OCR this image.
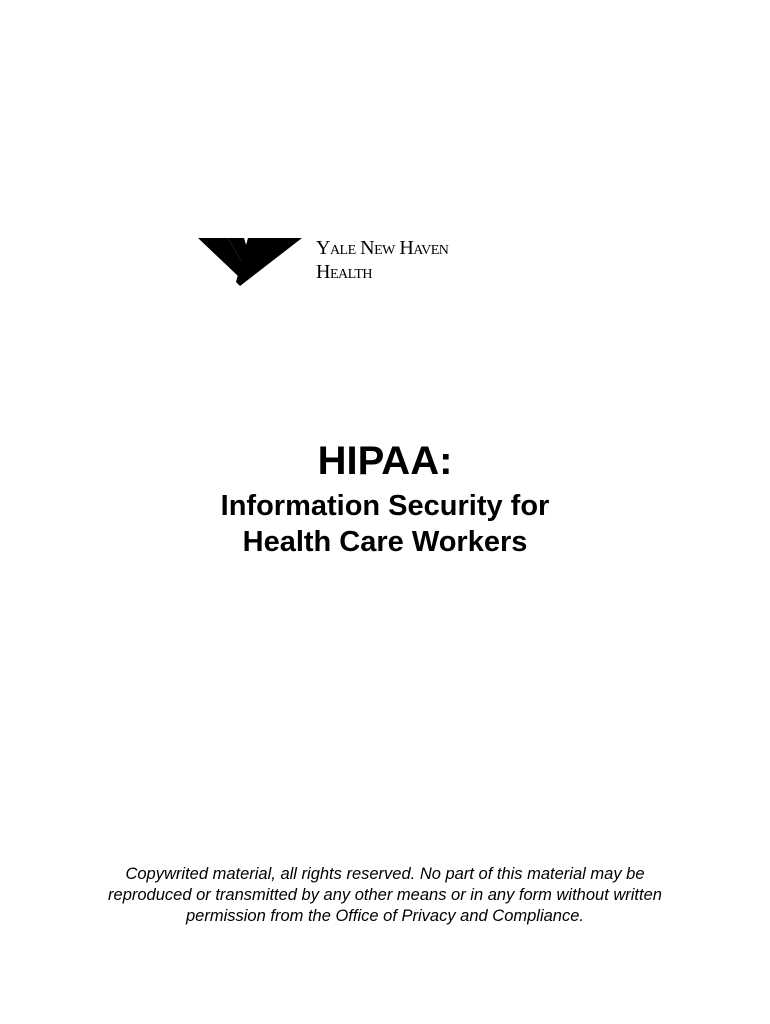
Yale New Haven
Health
HIPAA:
Information Security for
Health Care Workers
Copywrited material, all rights reserved. No part of this material may be
reproduced or transmitted by any other means or in any form without written
permission from the Office of Privacy and Compliance.
